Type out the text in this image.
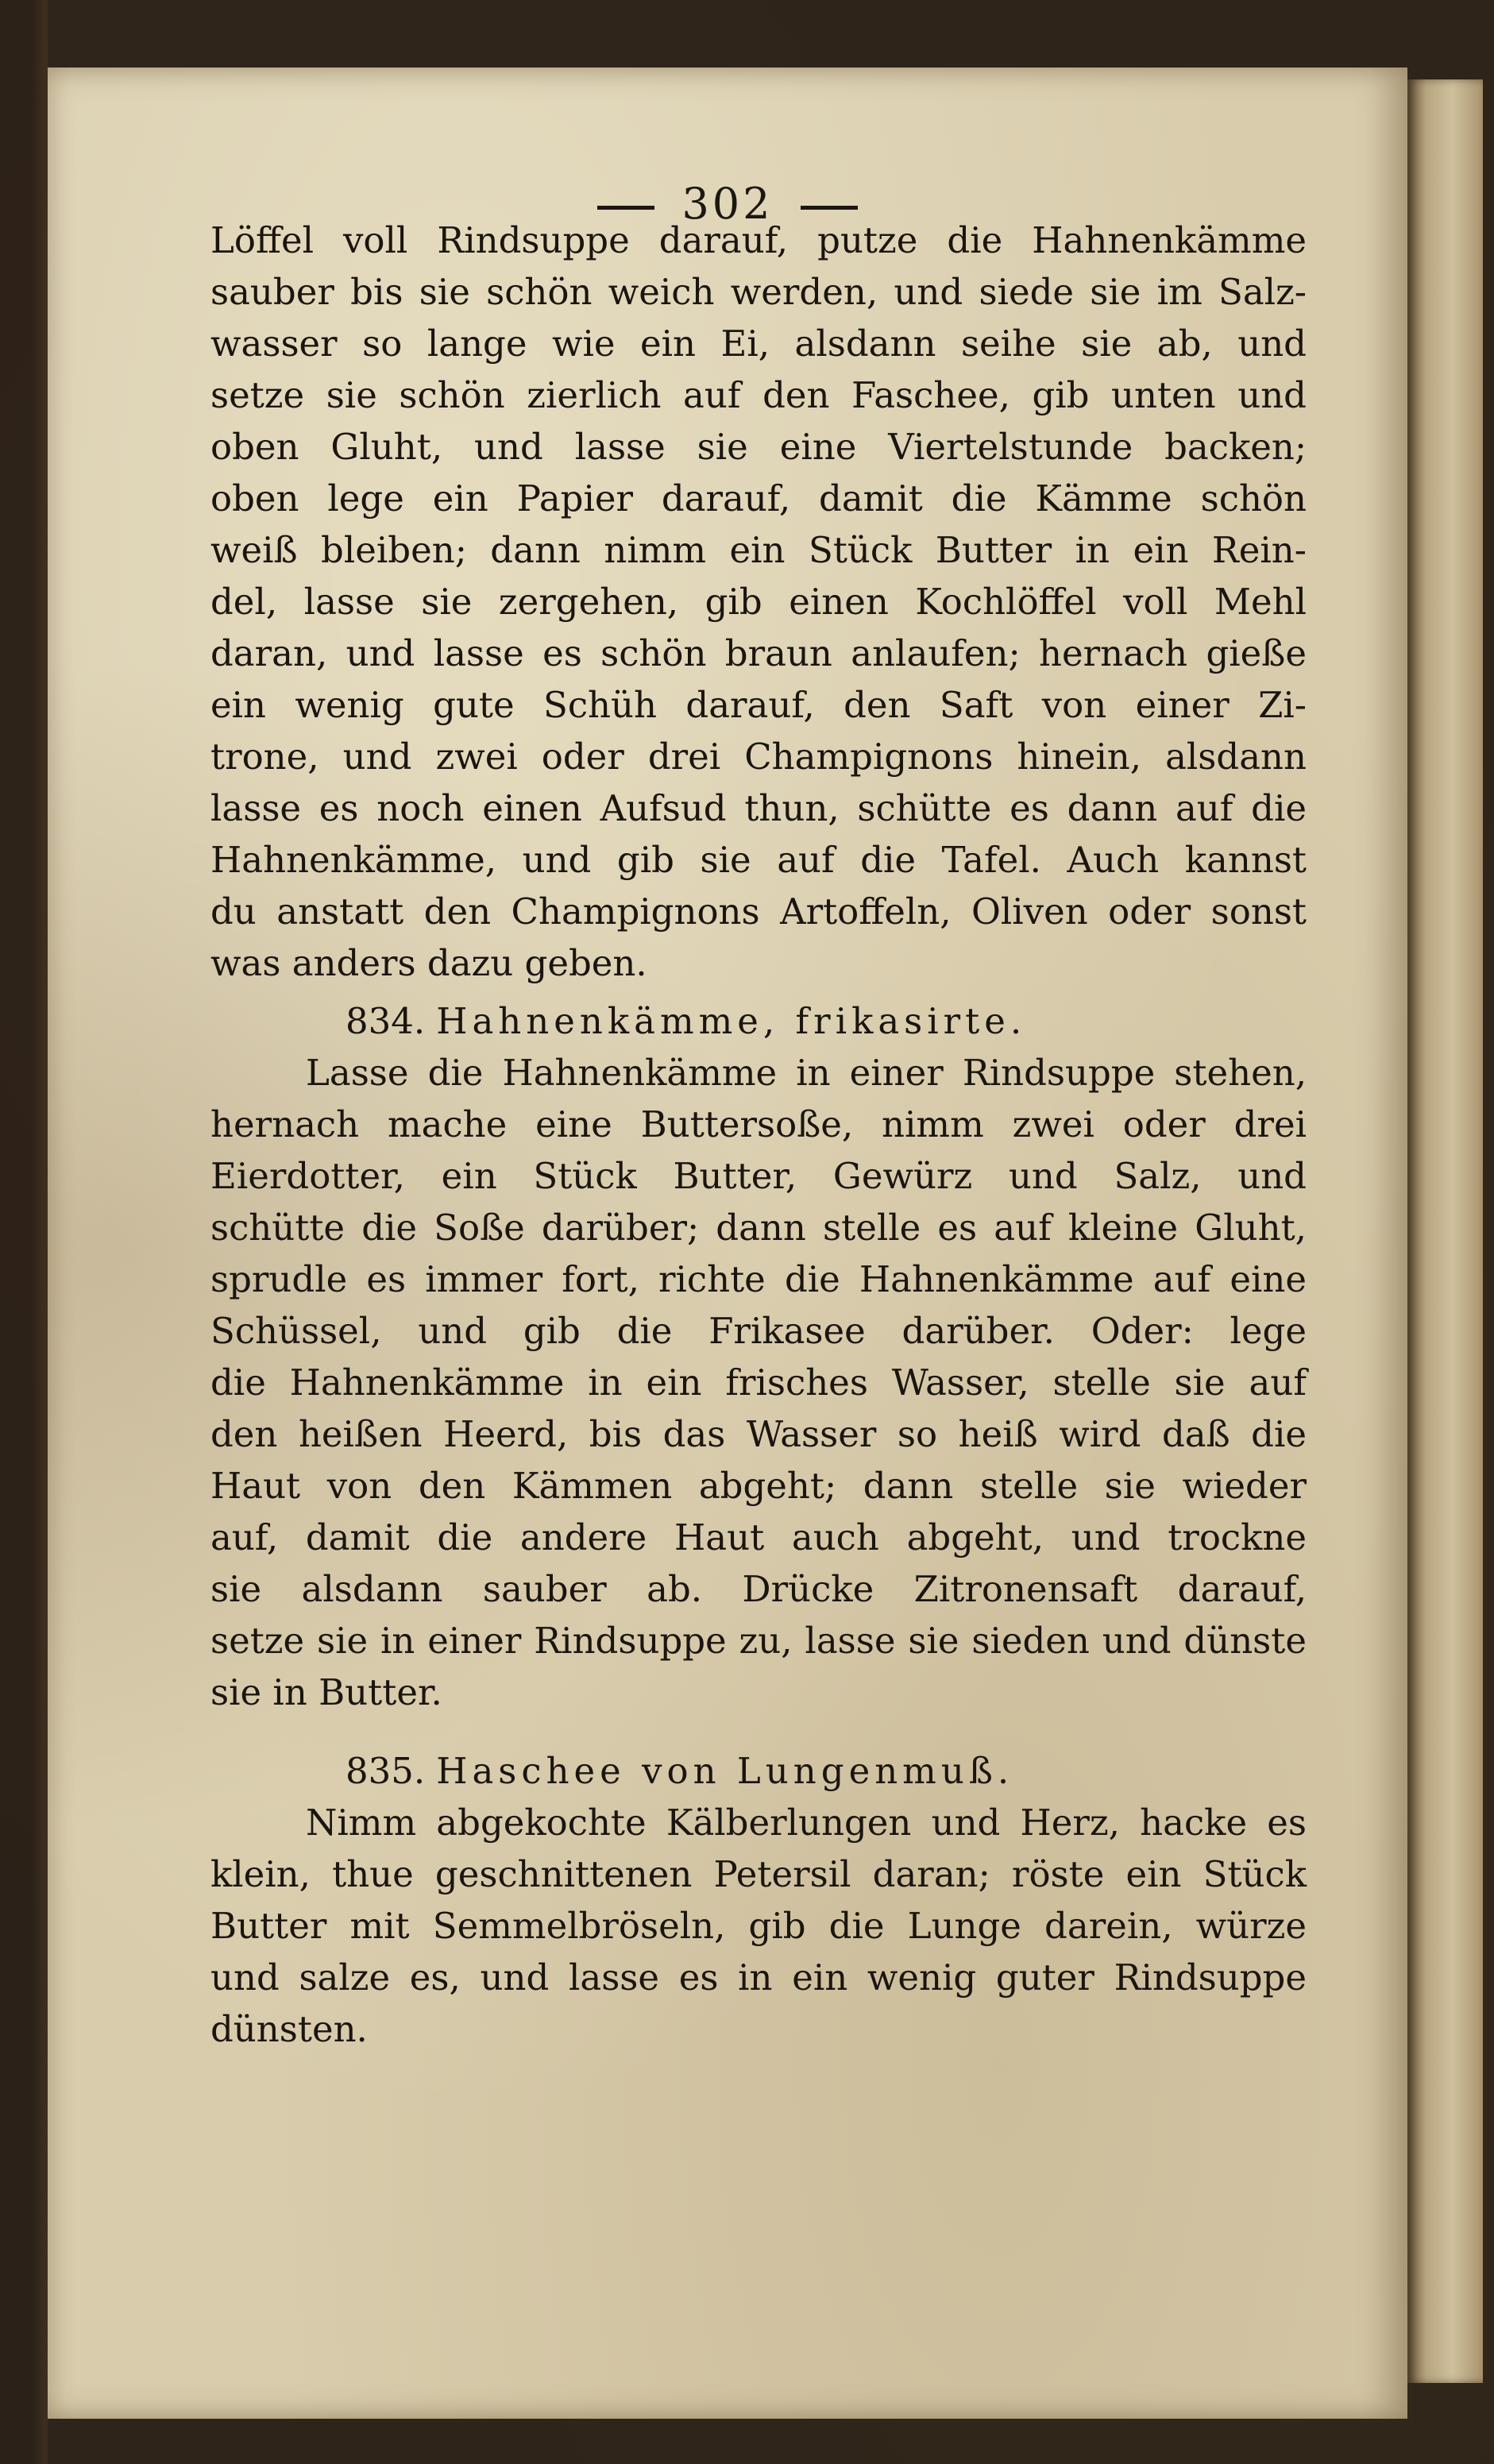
302
Löffel voll Rindsuppe darauf, putze die Hahnenkämme
sauber bis sie schön weich werden, und siede sie im Salz-
wasser so lange wie ein Ei, alsdann seihe sie ab, und
setze sie schön zierlich auf den Faschee, gib unten und
oben Gluht, und lasse sie eine Viertelstunde backen;
oben lege ein Papier darauf, damit die Kämme schön
weiß bleiben; dann nimm ein Stück Butter in ein Rein-
del, lasse sie zergehen, gib einen Kochlöffel voll Mehl
daran, und lasse es schön braun anlaufen; hernach gieße
ein wenig gute Schüh darauf, den Saft von einer Zi-
trone, und zwei oder drei Champignons hinein, alsdann
lasse es noch einen Aufsud thun, schütte es dann auf die
Hahnenkämme, und gib sie auf die Tafel. Auch kannst
du anstatt den Champignons Artoffeln, Oliven oder sonst
was anders dazu geben.
834. Hahnenkämme, frikasirte.
Lasse die Hahnenkämme in einer Rindsuppe stehen,
hernach mache eine Buttersoße, nimm zwei oder drei
Eierdotter, ein Stück Butter, Gewürz und Salz, und
schütte die Soße darüber; dann stelle es auf kleine Gluht,
sprudle es immer fort, richte die Hahnenkämme auf eine
Schüssel, und gib die Frikasee darüber. Oder: lege
die Hahnenkämme in ein frisches Wasser, stelle sie auf
den heißen Heerd, bis das Wasser so heiß wird daß die
Haut von den Kämmen abgeht; dann stelle sie wieder
auf, damit die andere Haut auch abgeht, und trockne
sie alsdann sauber ab. Drücke Zitronensaft darauf,
setze sie in einer Rindsuppe zu, lasse sie sieden und dünste
sie in Butter.
835. Haschee von Lungenmuß.
Nimm abgekochte Kälberlungen und Herz, hacke es
klein, thue geschnittenen Petersil daran; röste ein Stück
Butter mit Semmelbröseln, gib die Lunge darein, würze
und salze es, und lasse es in ein wenig guter Rindsuppe
dünsten.
